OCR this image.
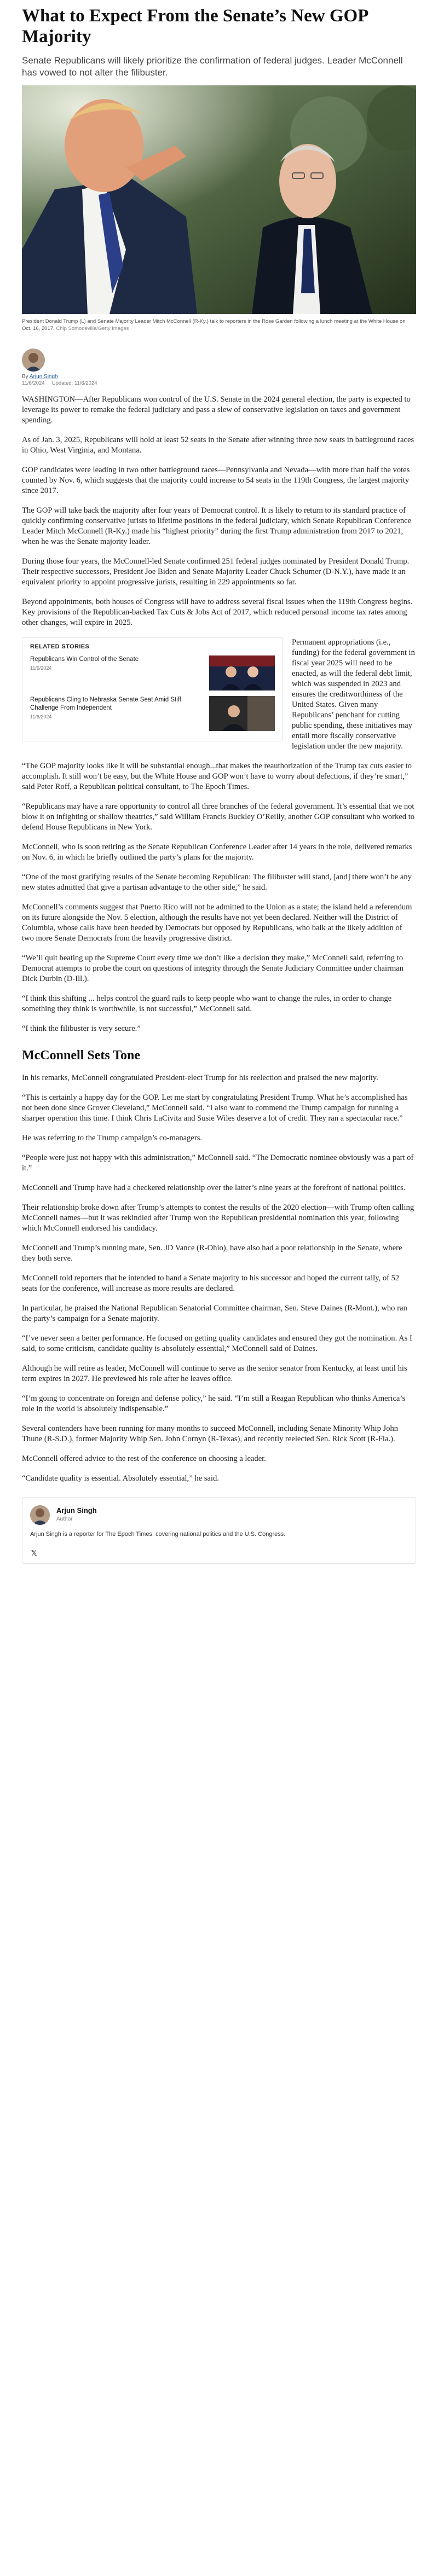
What to Expect From the Senate’s New GOP Majority

Senate Republicans will likely prioritize the confirmation of federal judges. Leader McConnell has vowed to not alter the filibuster.

President Donald Trump (L) and Senate Majority Leader Mitch McConnell (R-Ky.) talk to reporters in the Rose Garden following a lunch meeting at the White House on Oct. 16, 2017. Chip Somodevilla/Getty Images
By Arjun Singh
11/6/2024 Updated: 11/6/2024

WASHINGTON—After Republicans won control of the U.S. Senate in the 2024 general election, the party is expected to leverage its power to remake the federal judiciary and pass a slew of conservative legislation on taxes and government spending.

As of Jan. 3, 2025, Republicans will hold at least 52 seats in the Senate after winning three new seats in battleground races in Ohio, West Virginia, and Montana.

GOP candidates were leading in two other battleground races—Pennsylvania and Nevada—with more than half the votes counted by Nov. 6, which suggests that the majority could increase to 54 seats in the 119th Congress, the largest majority since 2017.

The GOP will take back the majority after four years of Democrat control. It is likely to return to its standard practice of quickly confirming conservative jurists to lifetime positions in the federal judiciary, which Senate Republican Conference Leader Mitch McConnell (R-Ky.) made his “highest priority” during the first Trump administration from 2017 to 2021, when he was the Senate majority leader.

During those four years, the McConnell-led Senate confirmed 251 federal judges nominated by President Donald Trump. Their respective successors, President Joe Biden and Senate Majority Leader Chuck Schumer (D-N.Y.), have made it an equivalent priority to appoint progressive jurists, resulting in 229 appointments so far.

Beyond appointments, both houses of Congress will have to address several fiscal issues when the 119th Congress begins. Key provisions of the Republican-backed Tax Cuts & Jobs Act of 2017, which reduced personal income tax rates among other changes, will expire in 2025.

RELATED STORIES
Republicans Win Control of the Senate
11/6/2024
Republicans Cling to Nebraska Senate Seat Amid Stiff Challenge From Independent
11/6/2024

Permanent appropriations (i.e., funding) for the federal government in fiscal year 2025 will need to be enacted, as will the federal debt limit, which was suspended in 2023 and ensures the creditworthiness of the United States. Given many Republicans’ penchant for cutting public spending, these initiatives may entail more fiscally conservative legislation under the new majority.

“The GOP majority looks like it will be substantial enough...that makes the reauthorization of the Trump tax cuts easier to accomplish. It still won’t be easy, but the White House and GOP won’t have to worry about defections, if they’re smart,” said Peter Roff, a Republican political consultant, to The Epoch Times.

“Republicans may have a rare opportunity to control all three branches of the federal government. It’s essential that we not blow it on infighting or shallow theatrics,” said William Francis Buckley O’Reilly, another GOP consultant who worked to defend House Republicans in New York.

McConnell, who is soon retiring as the Senate Republican Conference Leader after 14 years in the role, delivered remarks on Nov. 6, in which he briefly outlined the party’s plans for the majority.

“One of the most gratifying results of the Senate becoming Republican: The filibuster will stand, [and] there won’t be any new states admitted that give a partisan advantage to the other side,” he said.

McConnell’s comments suggest that Puerto Rico will not be admitted to the Union as a state; the island held a referendum on its future alongside the Nov. 5 election, although the results have not yet been declared. Neither will the District of Columbia, whose calls have been heeded by Democrats but opposed by Republicans, who balk at the likely addition of two more Senate Democrats from the heavily progressive district.

“We’ll quit beating up the Supreme Court every time we don’t like a decision they make,” McConnell said, referring to Democrat attempts to probe the court on questions of integrity through the Senate Judiciary Committee under chairman Dick Durbin (D-Ill.).

“I think this shifting ... helps control the guard rails to keep people who want to change the rules, in order to change something they think is worthwhile, is not successful,” McConnell said.

“I think the filibuster is very secure.”

McConnell Sets Tone

In his remarks, McConnell congratulated President-elect Trump for his reelection and praised the new majority.

“This is certainly a happy day for the GOP. Let me start by congratulating President Trump. What he’s accomplished has not been done since Grover Cleveland,” McConnell said. “I also want to commend the Trump campaign for running a sharper operation this time. I think Chris LaCivita and Susie Wiles deserve a lot of credit. They ran a spectacular race.”

He was referring to the Trump campaign’s co-managers.

“People were just not happy with this administration,” McConnell said. “The Democratic nominee obviously was a part of it.”

McConnell and Trump have had a checkered relationship over the latter’s nine years at the forefront of national politics.

Their relationship broke down after Trump’s attempts to contest the results of the 2020 election—with Trump often calling McConnell names—but it was rekindled after Trump won the Republican presidential nomination this year, following which McConnell endorsed his candidacy.

McConnell and Trump’s running mate, Sen. JD Vance (R-Ohio), have also had a poor relationship in the Senate, where they both serve.

McConnell told reporters that he intended to hand a Senate majority to his successor and hoped the current tally, of 52 seats for the conference, will increase as more results are declared.

In particular, he praised the National Republican Senatorial Committee chairman, Sen. Steve Daines (R-Mont.), who ran the party’s campaign for a Senate majority.

“I’ve never seen a better performance. He focused on getting quality candidates and ensured they got the nomination. As I said, to some criticism, candidate quality is absolutely essential,” McConnell said of Daines.

Although he will retire as leader, McConnell will continue to serve as the senior senator from Kentucky, at least until his term expires in 2027. He previewed his role after he leaves office.

“I’m going to concentrate on foreign and defense policy,” he said. “I’m still a Reagan Republican who thinks America’s role in the world is absolutely indispensable.”

Several contenders have been running for many months to succeed McConnell, including Senate Minority Whip John Thune (R-S.D.), former Majority Whip Sen. John Cornyn (R-Texas), and recently reelected Sen. Rick Scott (R-Fla.).

McConnell offered advice to the rest of the conference on choosing a leader.

“Candidate quality is essential. Absolutely essential,” he said.

Arjun Singh
Author
Arjun Singh is a reporter for The Epoch Times, covering national politics and the U.S. Congress.
𝕏
